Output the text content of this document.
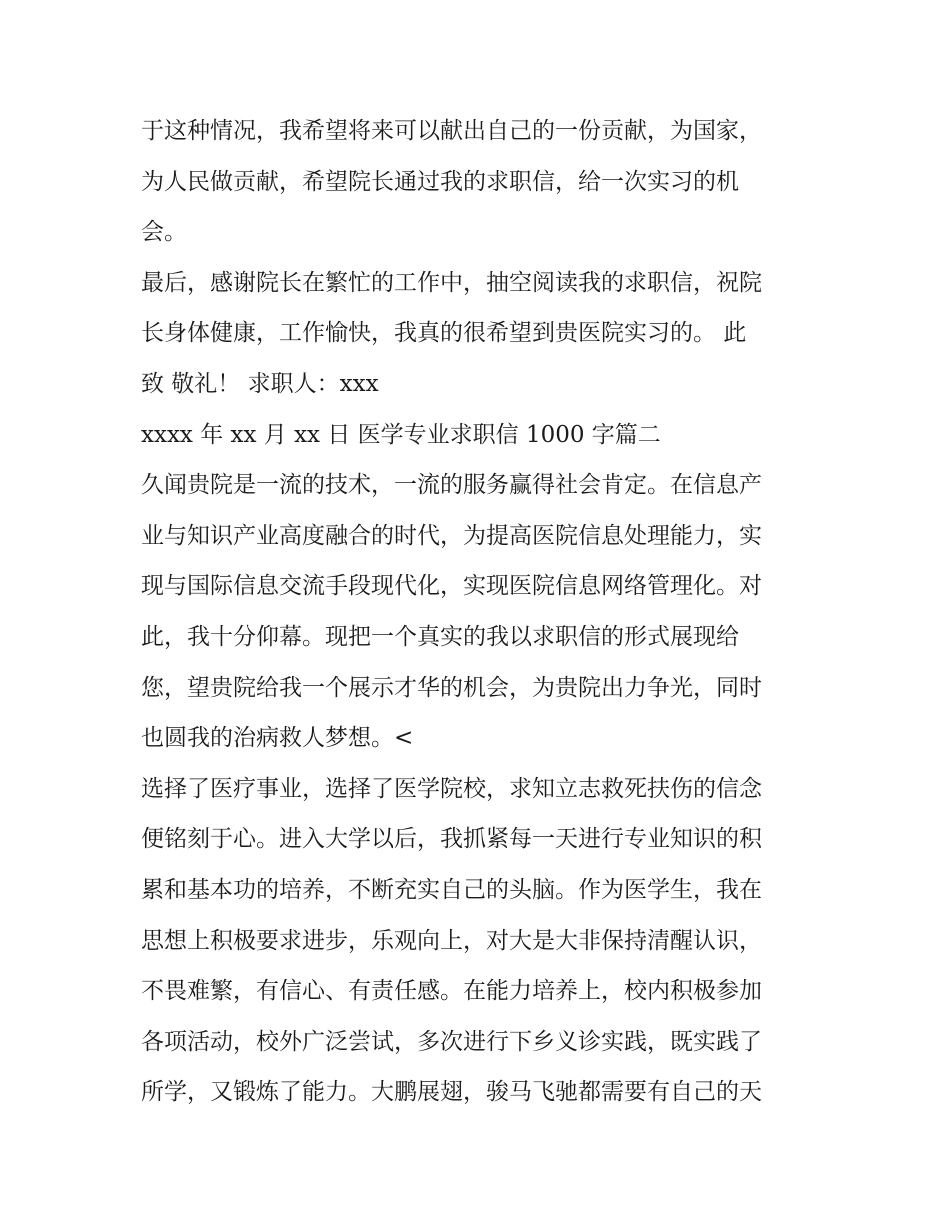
于这种情况，我希望将来可以献出自己的一份贡献，为国家，
为人民做贡献，希望院长通过我的求职信，给一次实习的机
会。
最后，感谢院长在繁忙的工作中，抽空阅读我的求职信，祝院
长身体健康，工作愉快，我真的很希望到贵医院实习的。 此
致 敬礼！ 求职人：xxx
xxxx 年 xx 月 xx 日 医学专业求职信 1000 字篇二
久闻贵院是一流的技术，一流的服务赢得社会肯定。在信息产
业与知识产业高度融合的时代，为提高医院信息处理能力，实
现与国际信息交流手段现代化，实现医院信息网络管理化。对
此，我十分仰幕。现把一个真实的我以求职信的形式展现给
您，望贵院给我一个展示才华的机会，为贵院出力争光，同时
也圆我的治病救人梦想。<
选择了医疗事业，选择了医学院校，求知立志救死扶伤的信念
便铭刻于心。进入大学以后，我抓紧每一天进行专业知识的积
累和基本功的培养，不断充实自己的头脑。作为医学生，我在
思想上积极要求进步，乐观向上，对大是大非保持清醒认识，
不畏难繁，有信心、有责任感。在能力培养上，校内积极参加
各项活动，校外广泛尝试，多次进行下乡义诊实践，既实践了
所学，又锻炼了能力。大鹏展翅，骏马飞驰都需要有自己的天
